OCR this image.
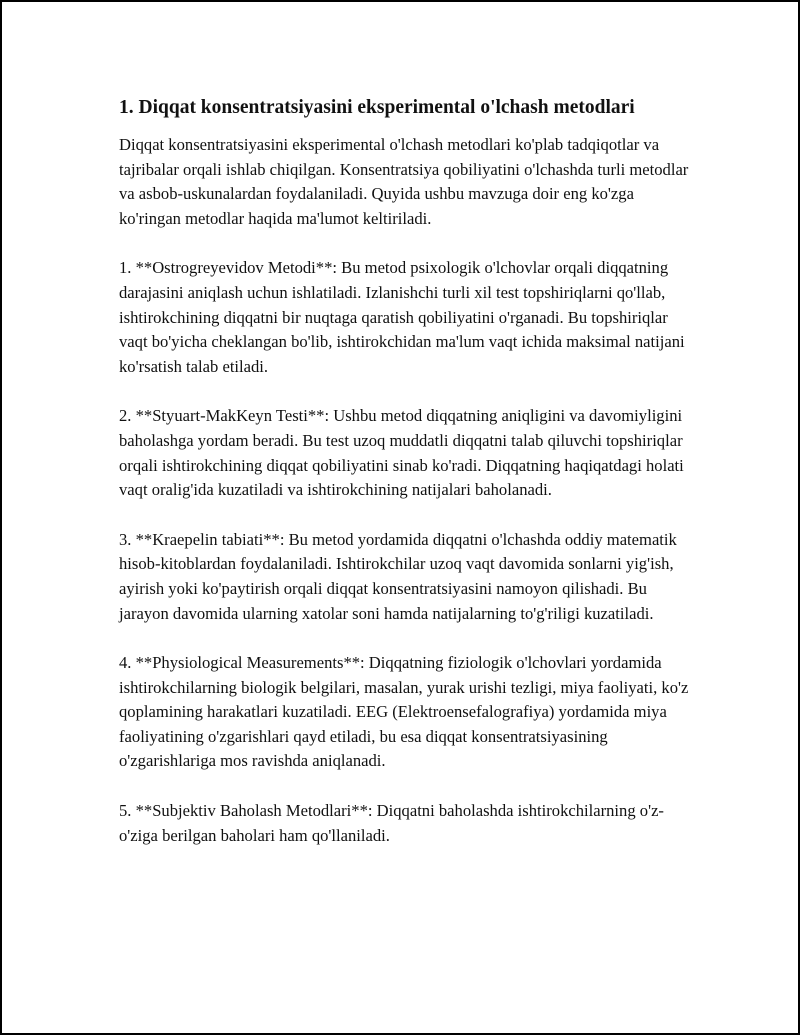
1. Diqqat konsentratsiyasini eksperimental o'lchash metodlari

Diqqat konsentratsiyasini eksperimental o'lchash metodlari ko'plab tadqiqotlar va tajribalar orqali ishlab chiqilgan. Konsentratsiya qobiliyatini o'lchashda turli metodlar va asbob-uskunalardan foydalaniladi. Quyida ushbu mavzuga doir eng ko'zga ko'ringan metodlar haqida ma'lumot keltiriladi.

1. **Ostrogreyevidov Metodi**: Bu metod psixologik o'lchovlar orqali diqqatning darajasini aniqlash uchun ishlatiladi. Izlanishchi turli xil test topshiriqlarni qo'llab, ishtirokchining diqqatni bir nuqtaga qaratish qobiliyatini o'rganadi. Bu topshiriqlar vaqt bo'yicha cheklangan bo'lib, ishtirokchidan ma'lum vaqt ichida maksimal natijani ko'rsatish talab etiladi.

2. **Styuart-MakKeyn Testi**: Ushbu metod diqqatning aniqligini va davomiyligini baholashga yordam beradi. Bu test uzoq muddatli diqqatni talab qiluvchi topshiriqlar orqali ishtirokchining diqqat qobiliyatini sinab ko'radi. Diqqatning haqiqatdagi holati vaqt oralig'ida kuzatiladi va ishtirokchining natijalari baholanadi.

3. **Kraepelin tabiati**: Bu metod yordamida diqqatni o'lchashda oddiy matematik hisob-kitoblardan foydalaniladi. Ishtirokchilar uzoq vaqt davomida sonlarni yig'ish, ayirish yoki ko'paytirish orqali diqqat konsentratsiyasini namoyon qilishadi. Bu jarayon davomida ularning xatolar soni hamda natijalarning to'g'riligi kuzatiladi.

4. **Physiological Measurements**: Diqqatning fiziologik o'lchovlari yordamida ishtirokchilarning biologik belgilari, masalan, yurak urishi tezligi, miya faoliyati, ko'z qoplamining harakatlari kuzatiladi. EEG (Elektroensefalografiya) yordamida miya faoliyatining o'zgarishlari qayd etiladi, bu esa diqqat konsentratsiyasining o'zgarishlariga mos ravishda aniqlanadi.

5. **Subjektiv Baholash Metodlari**: Diqqatni baholashda ishtirokchilarning o'z-o'ziga berilgan baholari ham qo'llaniladi.
